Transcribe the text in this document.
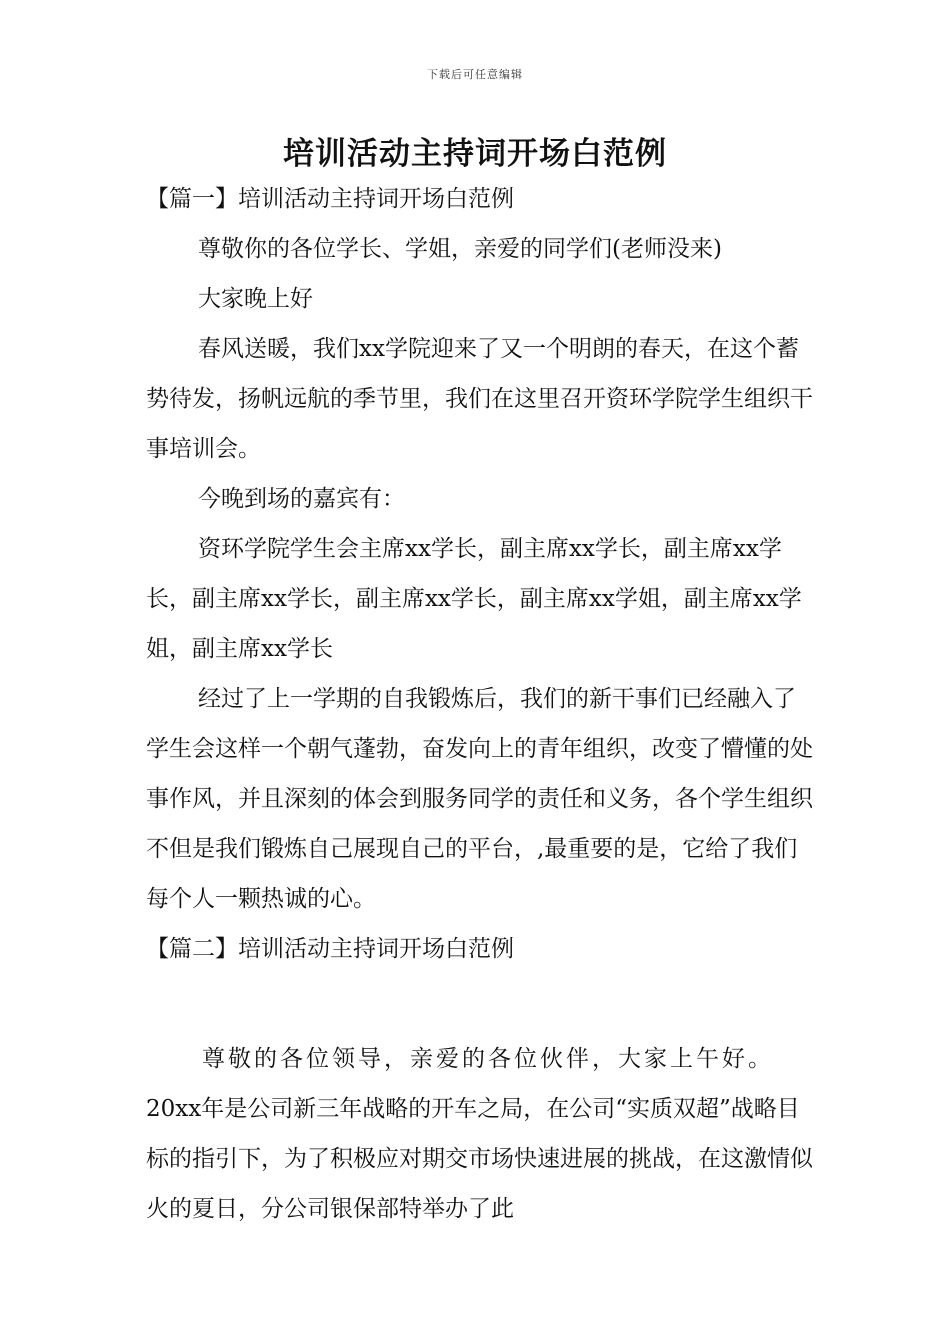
下载后可任意编辑
培训活动主持词开场白范例

【篇一】培训活动主持词开场白范例

尊敬你的各位学长、学姐，亲爱的同学们(老师没来)

大家晚上好

春风送暖，我们xx学院迎来了又一个明朗的春天，在这个蓄势待发，扬帆远航的季节里，我们在这里召开资环学院学生组织干事培训会。

今晚到场的嘉宾有：

资环学院学生会主席xx学长，副主席xx学长，副主席xx学长，副主席xx学长，副主席xx学长，副主席xx学姐，副主席xx学姐，副主席xx学长

经过了上一学期的自我锻炼后，我们的新干事们已经融入了学生会这样一个朝气蓬勃，奋发向上的青年组织，改变了懵懂的处事作风，并且深刻的体会到服务同学的责任和义务，各个学生组织不但是我们锻炼自己展现自己的平台，,最重要的是，它给了我们每个人一颗热诚的心。

【篇二】培训活动主持词开场白范例

尊敬的各位领导，亲爱的各位伙伴，大家上午好。

20xx年是公司新三年战略的开车之局，在公司“实质双超”战略目标的指引下，为了积极应对期交市场快速进展的挑战，在这激情似火的夏日，分公司银保部特举办了此
